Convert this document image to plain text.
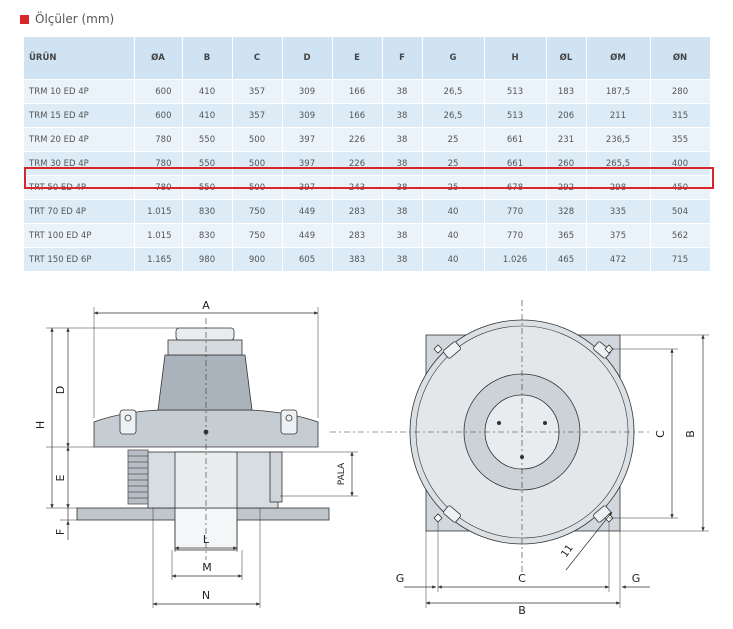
Ölçüler (mm)
ÜRÜN	ØA	B	C	D	E	F	G	H	ØL	ØM	ØN
TRM 10 ED 4P	600	410	357	309	166	38	26,5	513	183	187,5	280
TRM 15 ED 4P	600	410	357	309	166	38	26,5	513	206	211	315
TRM 20 ED 4P	780	550	500	397	226	38	25	661	231	236,5	355
TRM 30 ED 4P	780	550	500	397	226	38	25	661	260	265,5	400
TRT 50 ED 4P	780	550	500	397	243	38	25	678	292	298	450
TRT 70 ED 4P	1.015	830	750	449	283	38	40	770	328	335	504
TRT 100 ED 4P	1.015	830	750	449	283	38	40	770	365	375	562
TRT 150 ED 6P	1.165	980	900	605	383	38	40	1.026	465	472	715
A
H
D
E
F
PALA
L
M
N
C B
C
B
G	G
11
